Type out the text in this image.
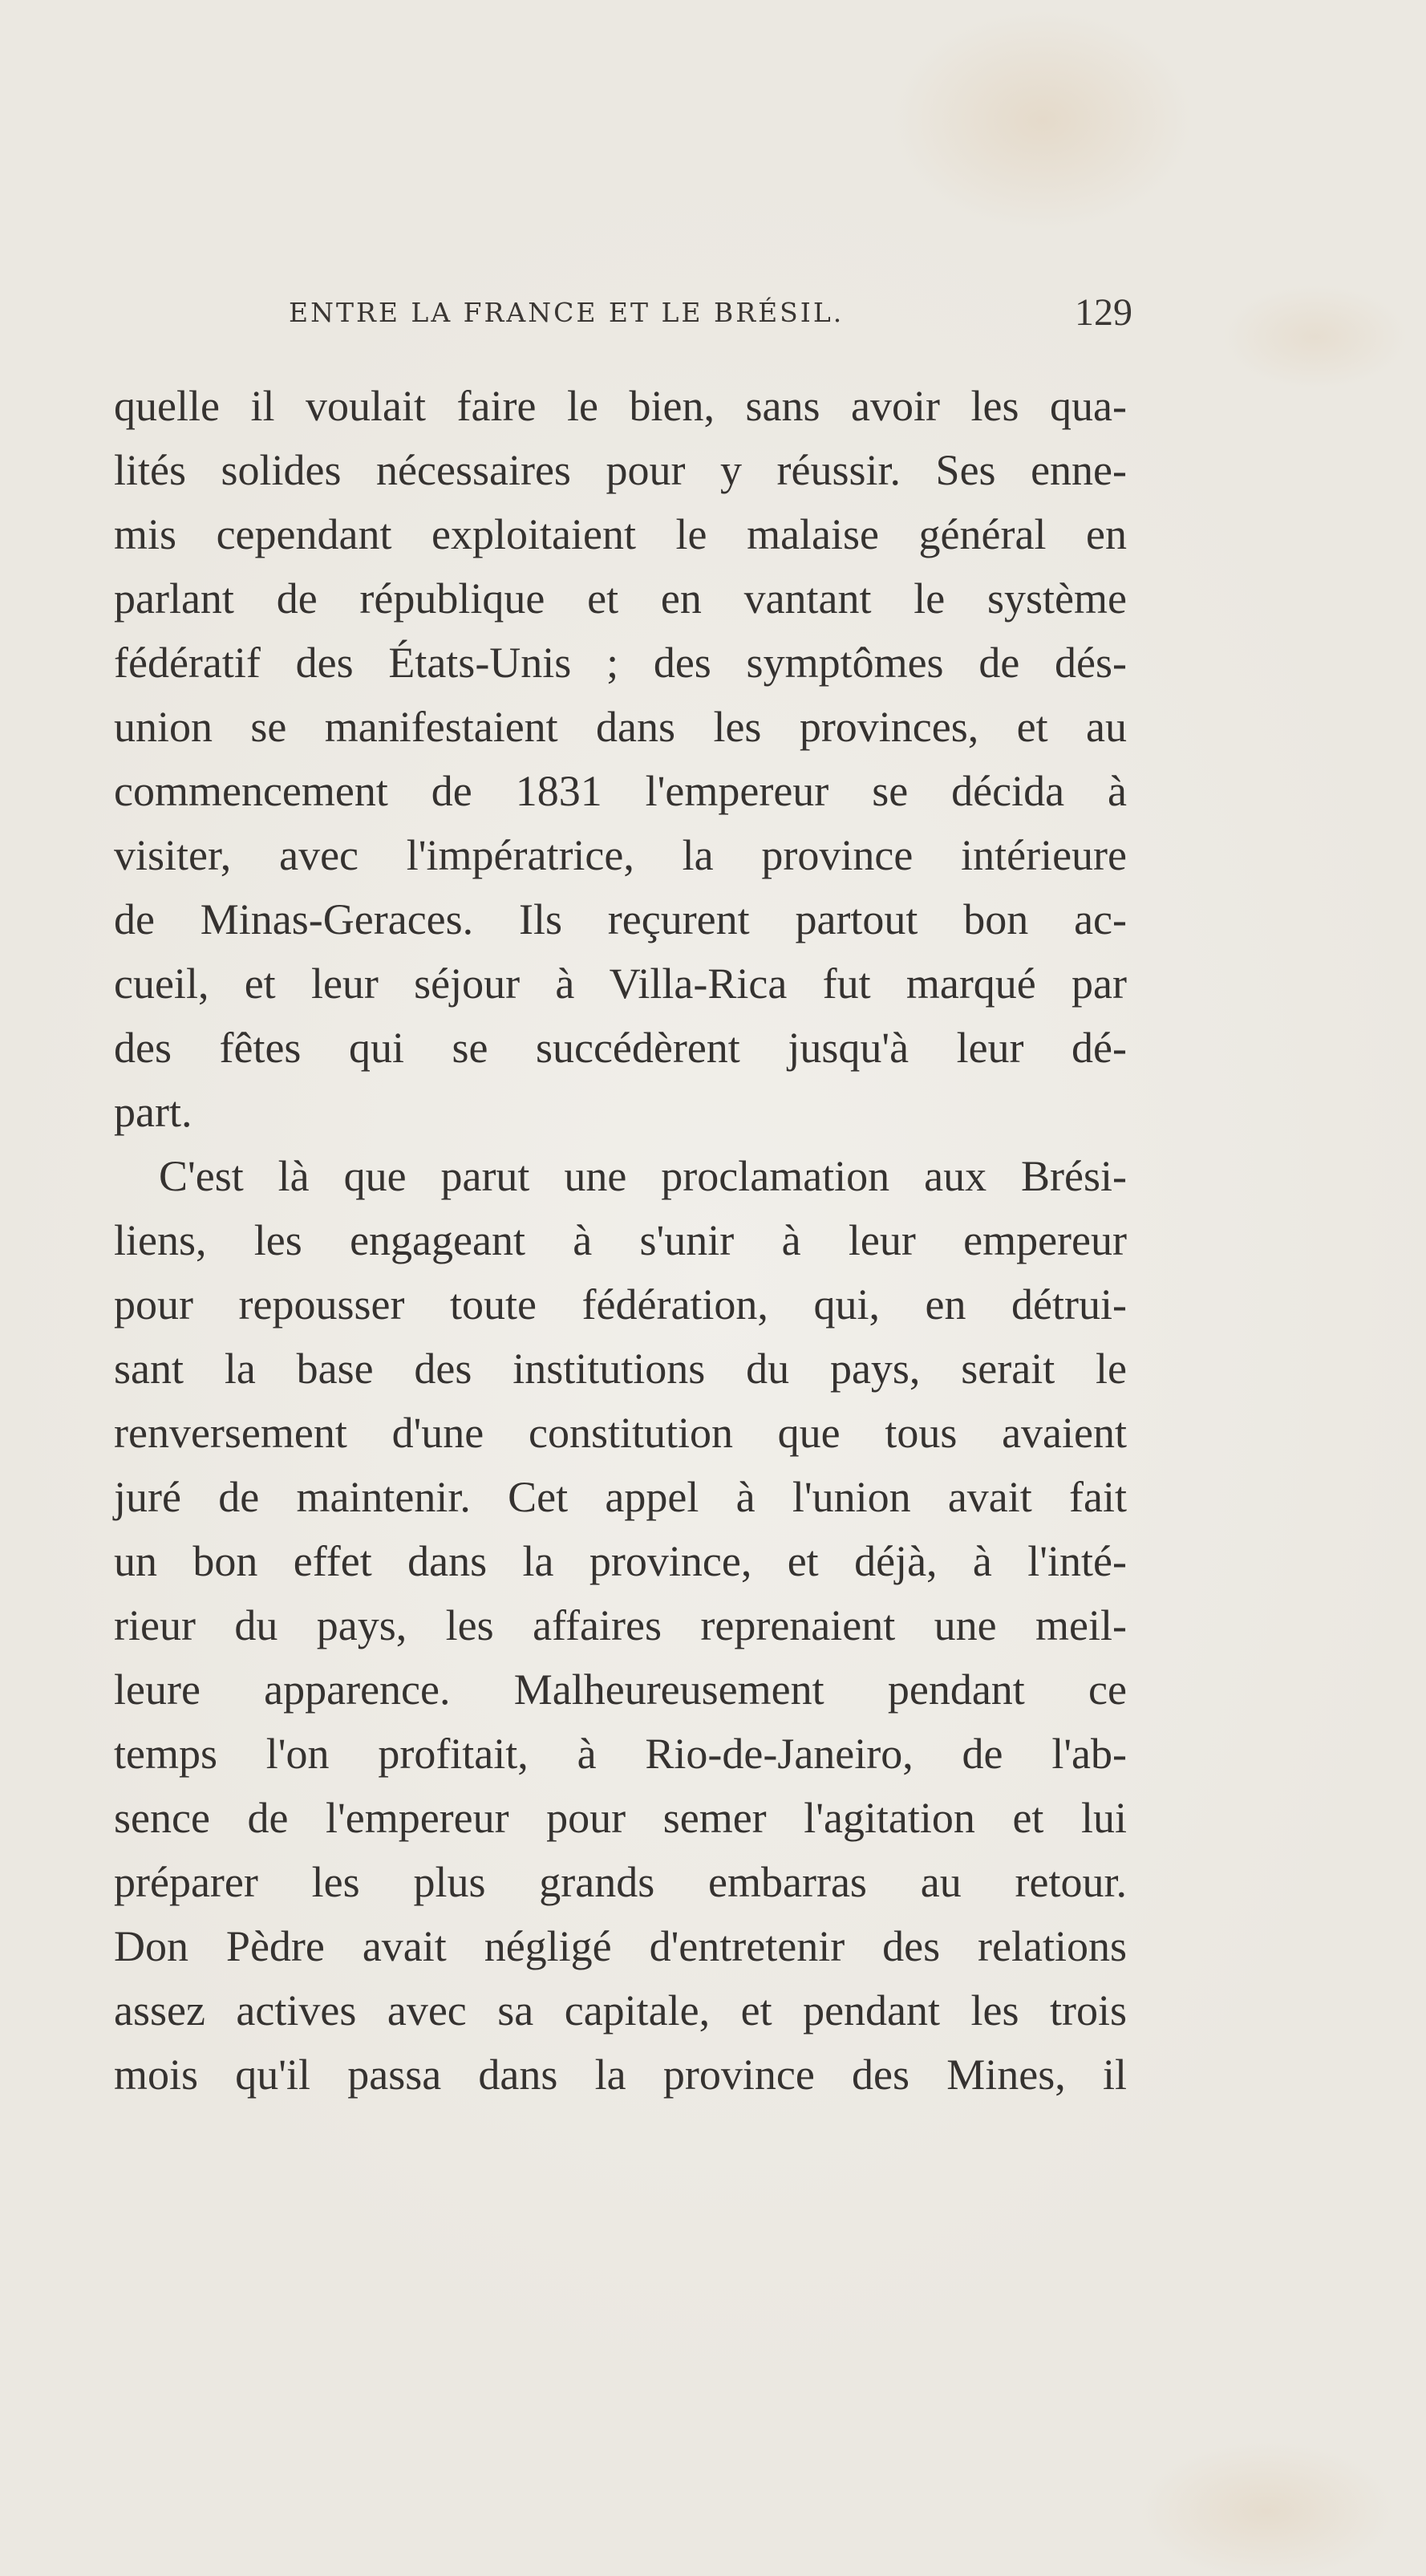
ENTRE LA FRANCE ET LE BRÉSIL.	129
quelle il voulait faire le bien, sans avoir les qua-
lités solides nécessaires pour y réussir. Ses enne-
mis cependant exploitaient le malaise général en
parlant de république et en vantant le système
fédératif des États-Unis ; des symptômes de dés-
union se manifestaient dans les provinces, et au
commencement de 1831 l'empereur se décida à
visiter, avec l'impératrice, la province intérieure
de Minas-Geraces. Ils reçurent partout bon ac-
cueil, et leur séjour à Villa-Rica fut marqué par
des fêtes qui se succédèrent jusqu'à leur dé-
part.
C'est là que parut une proclamation aux Brési-
liens, les engageant à s'unir à leur empereur
pour repousser toute fédération, qui, en détrui-
sant la base des institutions du pays, serait le
renversement d'une constitution que tous avaient
juré de maintenir. Cet appel à l'union avait fait
un bon effet dans la province, et déjà, à l'inté-
rieur du pays, les affaires reprenaient une meil-
leure apparence. Malheureusement pendant ce
temps l'on profitait, à Rio-de-Janeiro, de l'ab-
sence de l'empereur pour semer l'agitation et lui
préparer les plus grands embarras au retour.
Don Pèdre avait négligé d'entretenir des relations
assez actives avec sa capitale, et pendant les trois
mois qu'il passa dans la province des Mines, il
